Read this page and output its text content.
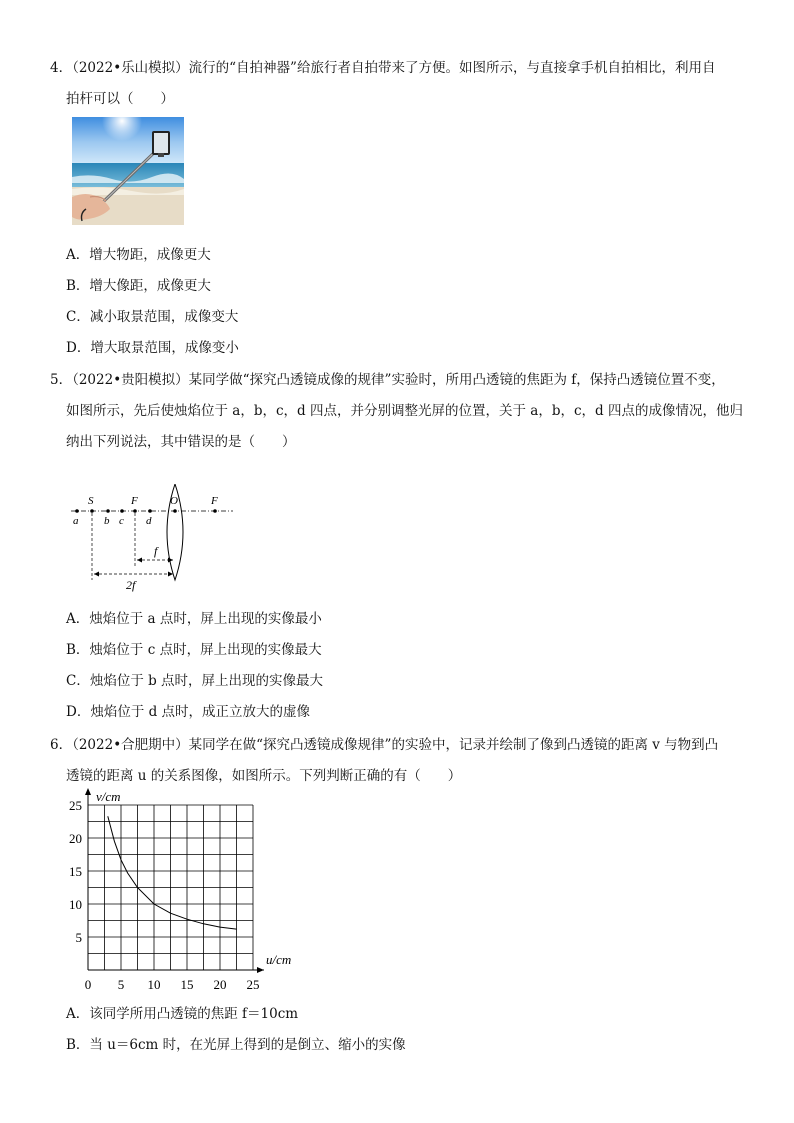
4．（2022•乐山模拟）流行的“自拍神器”给旅行者自拍带来了方便。如图所示，与直接拿手机自拍相比，利用自
拍杆可以（　　）
A．增大物距，成像更大
B．增大像距，成像更大
C．减小取景范围，成像变大
D．增大取景范围，成像变小
5．（2022•贵阳模拟）某同学做“探究凸透镜成像的规律”实验时，所用凸透镜的焦距为 f，保持凸透镜位置不变，
如图所示，先后使烛焰位于 a，b，c，d 四点，并分别调整光屏的位置，关于 a，b，c，d 四点的成像情况，他归
纳出下列说法，其中错误的是（　　）
S	F	O	F
a b c d
f
2f
A．烛焰位于 a 点时，屏上出现的实像最小
B．烛焰位于 c 点时，屏上出现的实像最大
C．烛焰位于 b 点时，屏上出现的实像最大
D．烛焰位于 d 点时，成正立放大的虚像
6．（2022•合肥期中）某同学在做“探究凸透镜成像规律”的实验中，记录并绘制了像到凸透镜的距离 v 与物到凸
透镜的距离 u 的关系图像，如图所示。下列判断正确的有（　　）
5
10
15
20
25
0 5 10 15 20 25
v/cm
u/cm
A．该同学所用凸透镜的焦距 f＝10cm
B．当 u＝6cm 时，在光屏上得到的是倒立、缩小的实像
